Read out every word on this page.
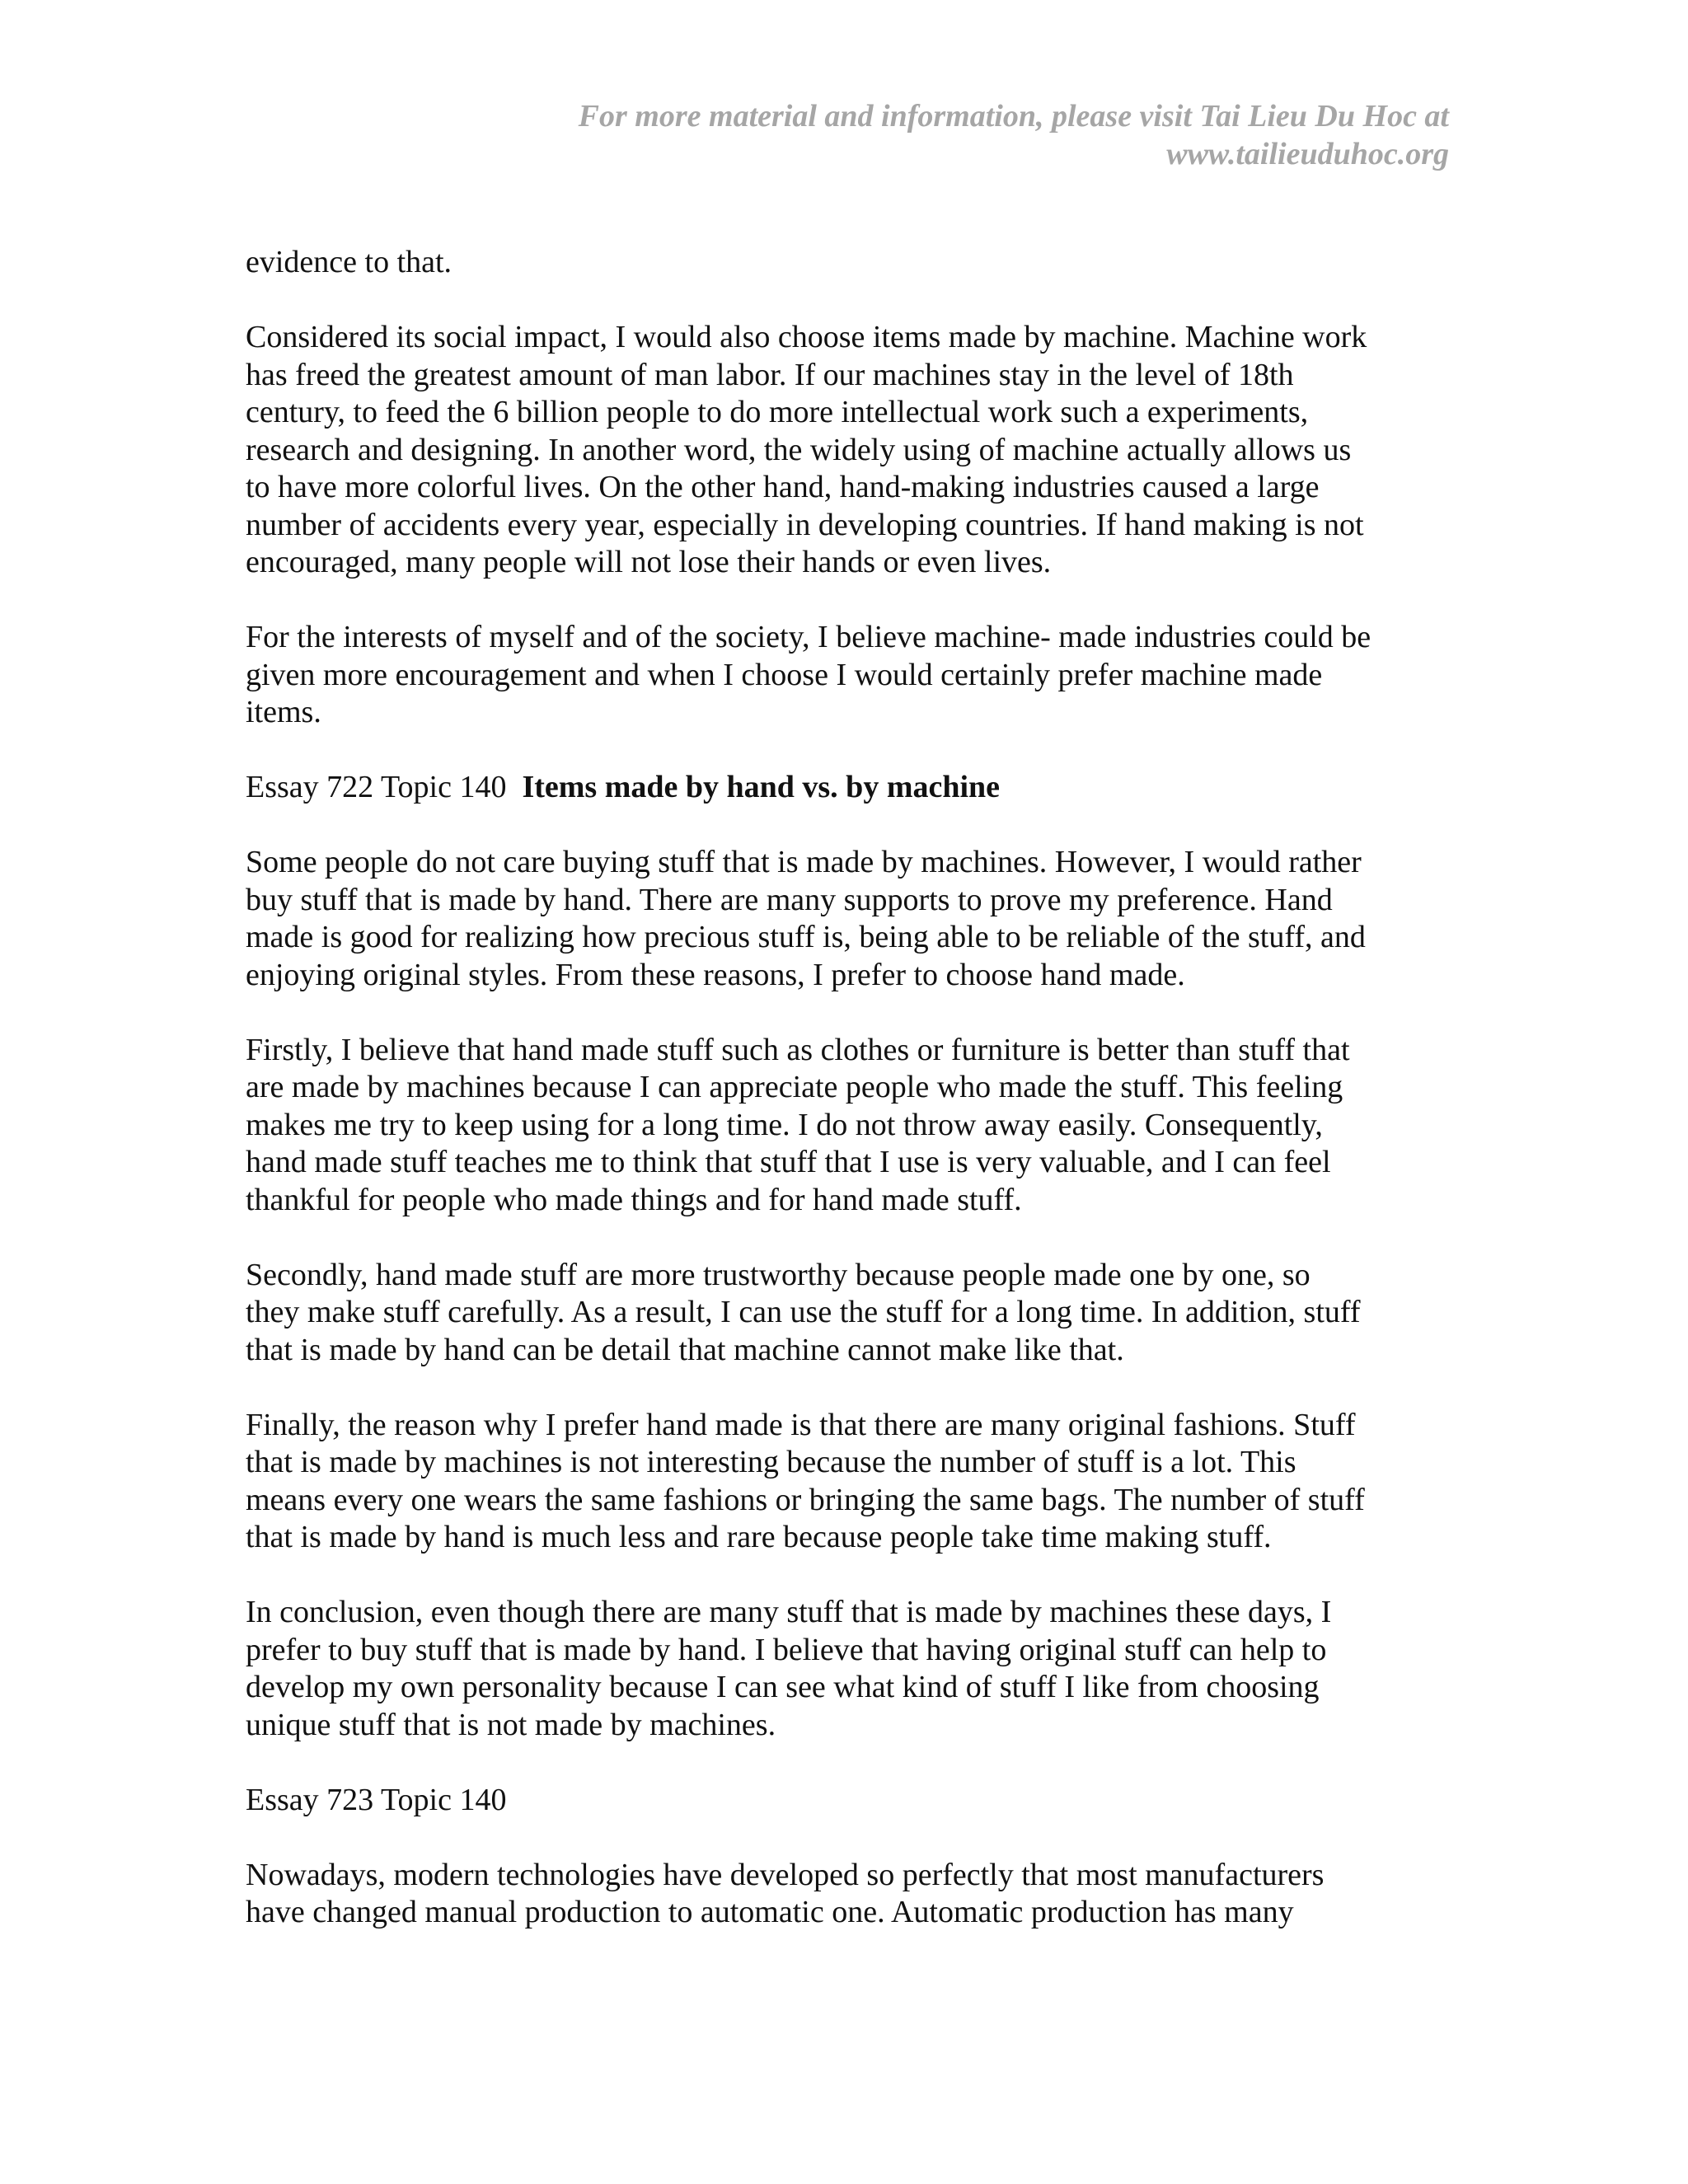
For more material and information, please visit Tai Lieu Du Hoc at
www.tailieuduhoc.org
evidence to that.
Considered its social impact, I would also choose items made by machine. Machine work
has freed the greatest amount of man labor. If our machines stay in the level of 18th
century, to feed the 6 billion people to do more intellectual work such a experiments,
research and designing. In another word, the widely using of machine actually allows us
to have more colorful lives. On the other hand, hand-making industries caused a large
number of accidents every year, especially in developing countries. If hand making is not
encouraged, many people will not lose their hands or even lives.
For the interests of myself and of the society, I believe machine- made industries could be
given more encouragement and when I choose I would certainly prefer machine made
items.
Essay 722 Topic 140 Items made by hand vs. by machine
Some people do not care buying stuff that is made by machines. However, I would rather
buy stuff that is made by hand. There are many supports to prove my preference. Hand
made is good for realizing how precious stuff is, being able to be reliable of the stuff, and
enjoying original styles. From these reasons, I prefer to choose hand made.
Firstly, I believe that hand made stuff such as clothes or furniture is better than stuff that
are made by machines because I can appreciate people who made the stuff. This feeling
makes me try to keep using for a long time. I do not throw away easily. Consequently,
hand made stuff teaches me to think that stuff that I use is very valuable, and I can feel
thankful for people who made things and for hand made stuff.
Secondly, hand made stuff are more trustworthy because people made one by one, so
they make stuff carefully. As a result, I can use the stuff for a long time. In addition, stuff
that is made by hand can be detail that machine cannot make like that.
Finally, the reason why I prefer hand made is that there are many original fashions. Stuff
that is made by machines is not interesting because the number of stuff is a lot. This
means every one wears the same fashions or bringing the same bags. The number of stuff
that is made by hand is much less and rare because people take time making stuff.
In conclusion, even though there are many stuff that is made by machines these days, I
prefer to buy stuff that is made by hand. I believe that having original stuff can help to
develop my own personality because I can see what kind of stuff I like from choosing
unique stuff that is not made by machines.
Essay 723 Topic 140
Nowadays, modern technologies have developed so perfectly that most manufacturers
have changed manual production to automatic one. Automatic production has many
